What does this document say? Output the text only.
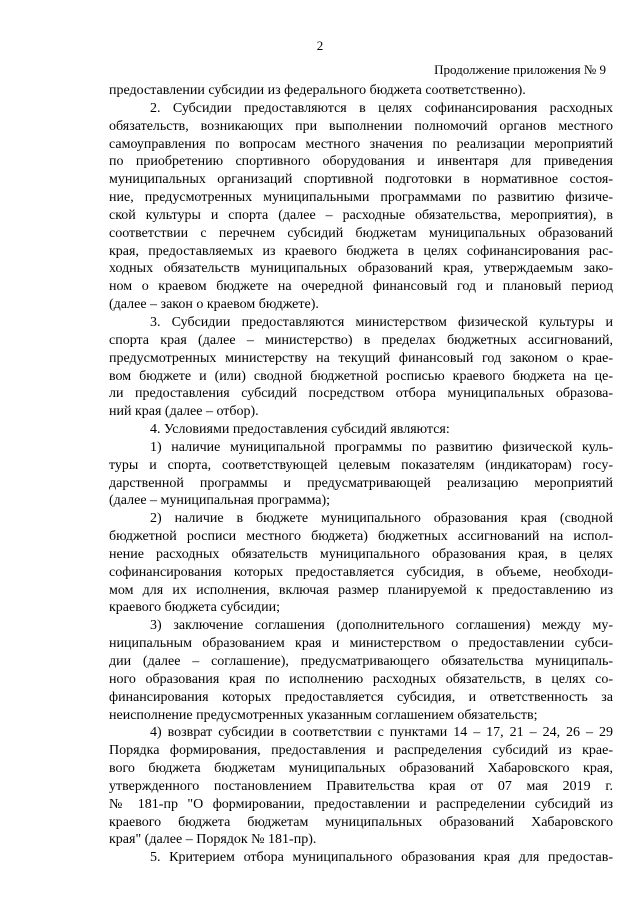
2
Продолжение приложения № 9
предоставлении субсидии из федерального бюджета соответственно).
2. Субсидии предоставляются в целях софинансирования расходных
обязательств, возникающих при выполнении полномочий органов местного
самоуправления по вопросам местного значения по реализации мероприятий
по приобретению спортивного оборудования и инвентаря для приведения
муниципальных организаций спортивной подготовки в нормативное состоя-
ние, предусмотренных муниципальными программами по развитию физиче-
ской культуры и спорта (далее – расходные обязательства, мероприятия), в
соответствии с перечнем субсидий бюджетам муниципальных образований
края, предоставляемых из краевого бюджета в целях софинансирования рас-
ходных обязательств муниципальных образований края, утверждаемым зако-
ном о краевом бюджете на очередной финансовый год и плановый период
(далее – закон о краевом бюджете).
3. Субсидии предоставляются министерством физической культуры и
спорта края (далее – министерство) в пределах бюджетных ассигнований,
предусмотренных министерству на текущий финансовый год законом о крае-
вом бюджете и (или) сводной бюджетной росписью краевого бюджета на це-
ли предоставления субсидий посредством отбора муниципальных образова-
ний края (далее – отбор).
4. Условиями предоставления субсидий являются:
1) наличие муниципальной программы по развитию физической куль-
туры и спорта, соответствующей целевым показателям (индикаторам) госу-
дарственной программы и предусматривающей реализацию мероприятий
(далее – муниципальная программа);
2) наличие в бюджете муниципального образования края (сводной
бюджетной росписи местного бюджета) бюджетных ассигнований на испол-
нение расходных обязательств муниципального образования края, в целях
софинансирования которых предоставляется субсидия, в объеме, необходи-
мом для их исполнения, включая размер планируемой к предоставлению из
краевого бюджета субсидии;
3) заключение соглашения (дополнительного соглашения) между му-
ниципальным образованием края и министерством о предоставлении субси-
дии (далее – соглашение), предусматривающего обязательства муниципаль-
ного образования края по исполнению расходных обязательств, в целях со-
финансирования которых предоставляется субсидия, и ответственность за
неисполнение предусмотренных указанным соглашением обязательств;
4) возврат субсидии в соответствии с пунктами 14 – 17, 21 – 24, 26 – 29
Порядка формирования, предоставления и распределения субсидий из крае-
вого бюджета бюджетам муниципальных образований Хабаровского края,
утвержденного постановлением Правительства края от 07 мая 2019 г.
№ 181-пр "О формировании, предоставлении и распределении субсидий из
краевого бюджета бюджетам муниципальных образований Хабаровского
края" (далее – Порядок № 181-пр).
5. Критерием отбора муниципального образования края для предостав-
